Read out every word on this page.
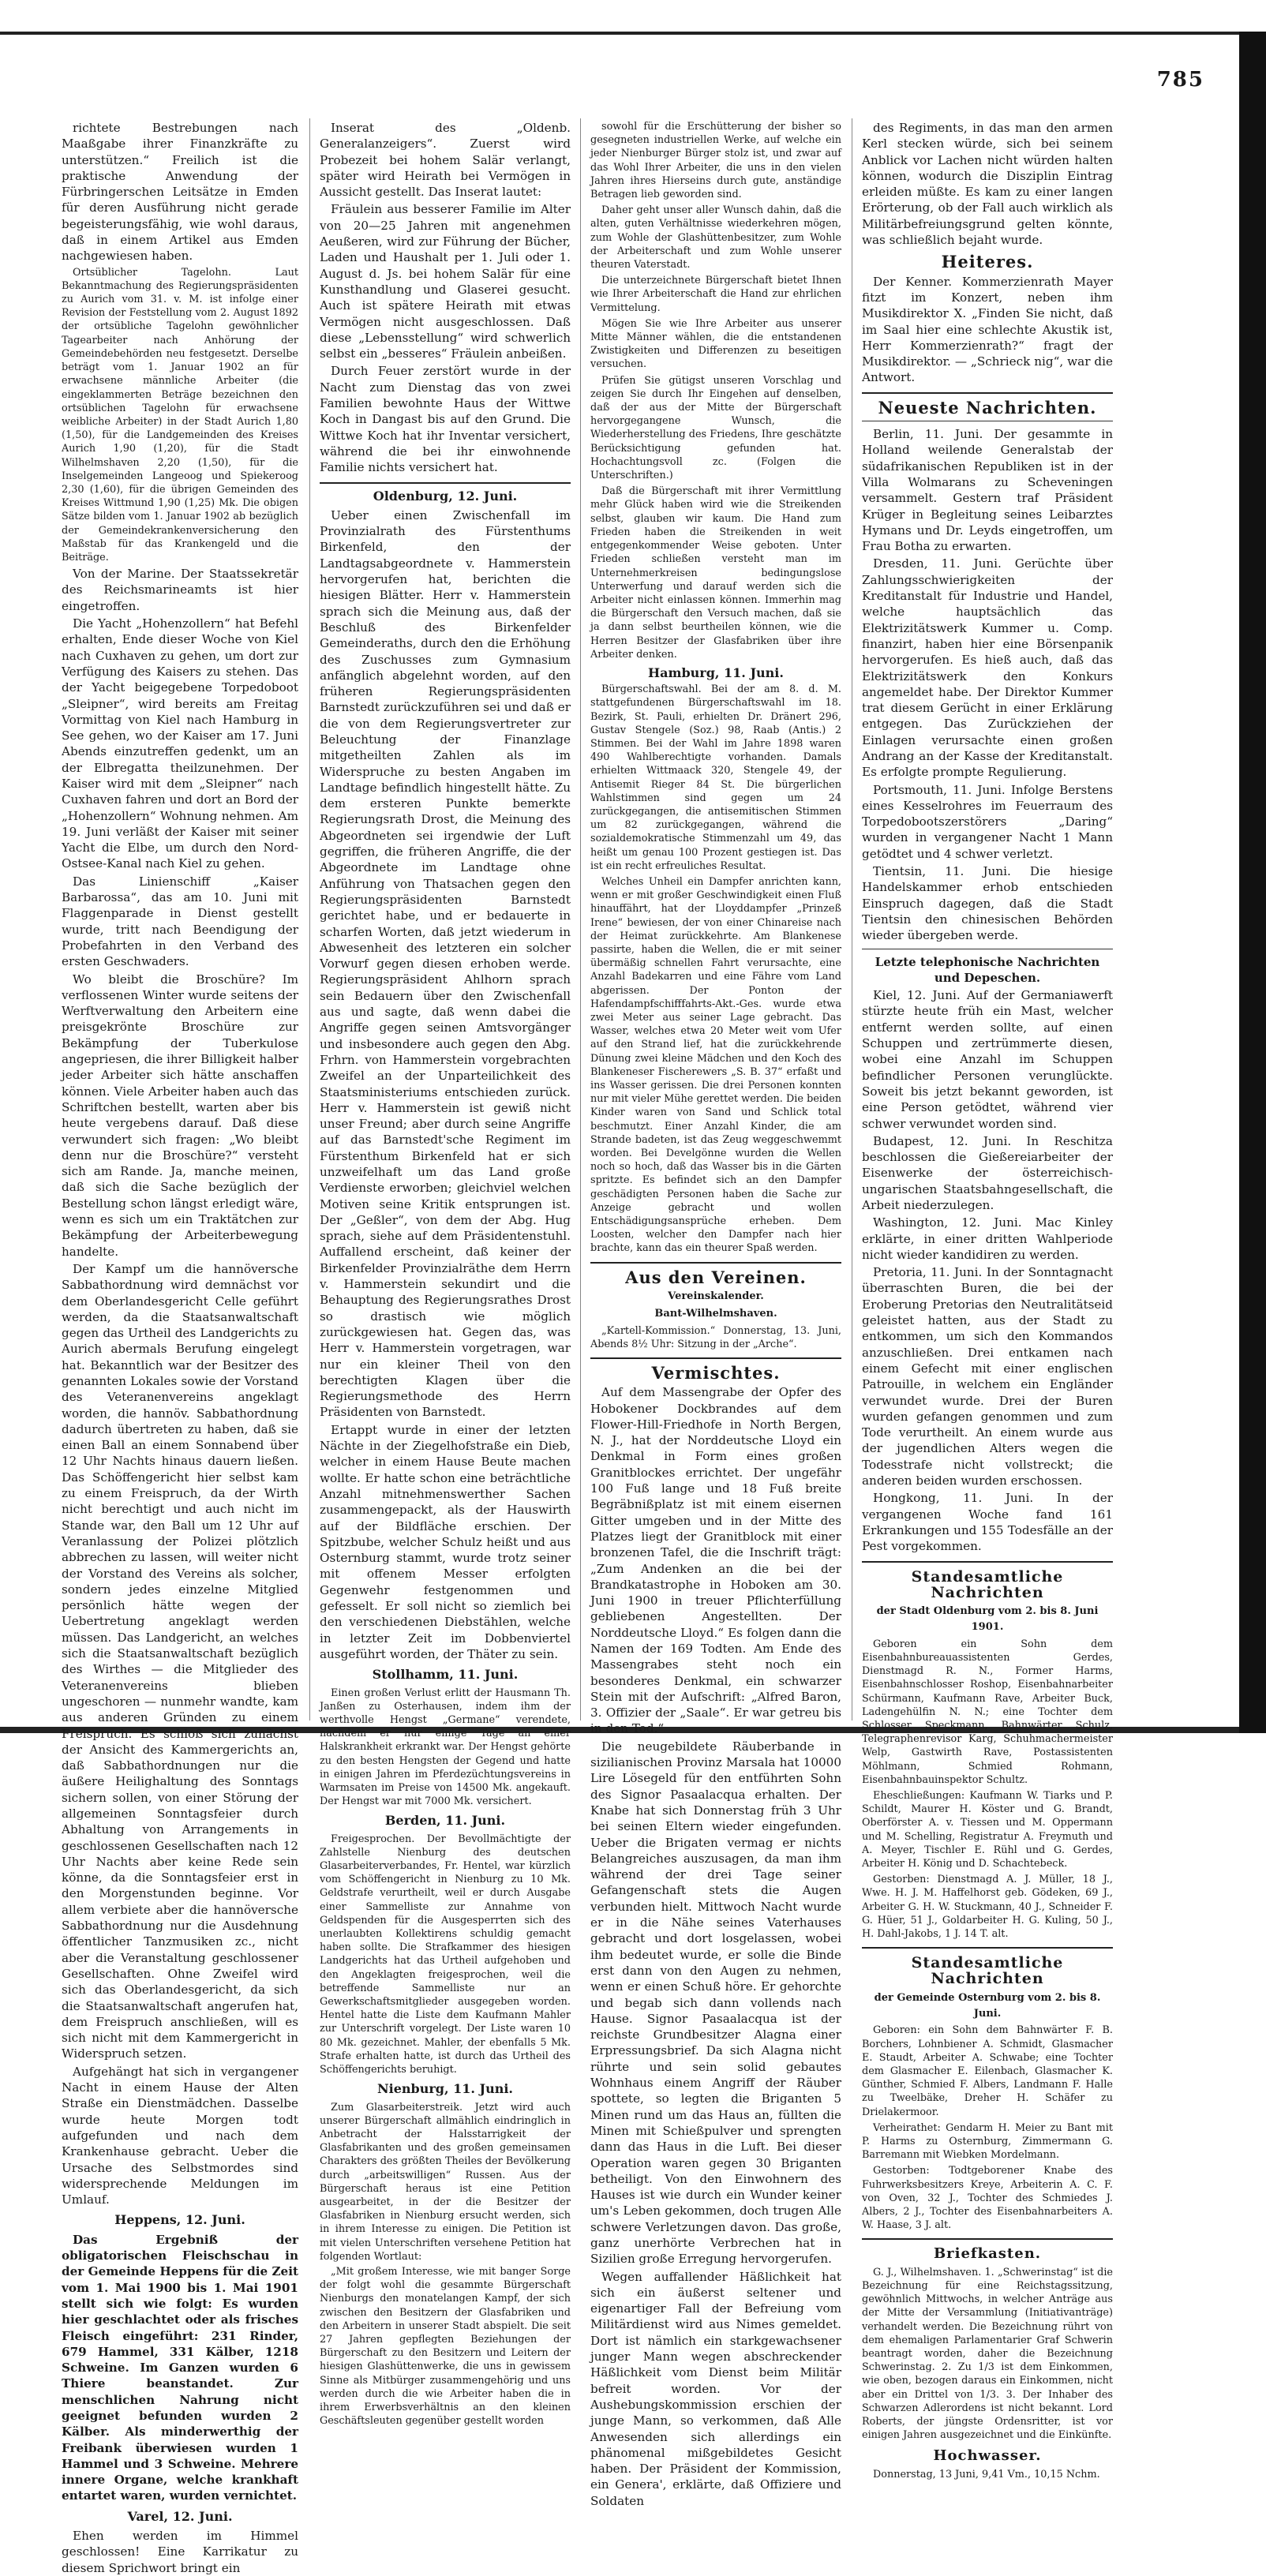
785

richtete Bestrebungen nach Maaßgabe ihrer Finanzkräfte zu unterstützen.“ Freilich ist die praktische Anwendung der Fürbringerschen Leitsätze in Emden für deren Ausführung nicht gerade begeisterungsfähig, wie wohl daraus, daß in einem Artikel aus Emden nachgewiesen haben.

Ortsüblicher Tagelohn. Laut Bekanntmachung des Regierungspräsidenten zu Aurich vom 31. v. M. ist infolge einer Revision der Feststellung vom 2. August 1892 der ortsübliche Tagelohn gewöhnlicher Tagearbeiter nach Anhörung der Gemeindebehörden neu festgesetzt. Derselbe beträgt vom 1. Januar 1902 an für erwachsene männliche Arbeiter (die eingeklammerten Beträge bezeichnen den ortsüblichen Tagelohn für erwachsene weibliche Arbeiter) in der Stadt Aurich 1,80 (1,50), für die Landgemeinden des Kreises Aurich 1,90 (1,20), für die Stadt Wilhelmshaven 2,20 (1,50), für die Inselgemeinden Langeoog und Spiekeroog 2,30 (1,60), für die übrigen Gemeinden des Kreises Wittmund 1,90 (1,25) Mk. Die obigen Sätze bilden vom 1. Januar 1902 ab bezüglich der Gemeindekrankenversicherung den Maßstab für das Krankengeld und die Beiträge.

Von der Marine. Der Staatssekretär des Reichsmarineamts ist hier eingetroffen.

Die Yacht „Hohenzollern“ hat Befehl erhalten, Ende dieser Woche von Kiel nach Cuxhaven zu gehen, um dort zur Verfügung des Kaisers zu stehen. Das der Yacht beigegebene Torpedoboot „Sleipner“, wird bereits am Freitag Vormittag von Kiel nach Hamburg in See gehen, wo der Kaiser am 17. Juni Abends einzutreffen gedenkt, um an der Elbregatta theilzunehmen. Der Kaiser wird mit dem „Sleipner“ nach Cuxhaven fahren und dort an Bord der „Hohenzollern“ Wohnung nehmen. Am 19. Juni verläßt der Kaiser mit seiner Yacht die Elbe, um durch den Nord-Ostsee-Kanal nach Kiel zu gehen.

Das Linienschiff „Kaiser Barbarossa“, das am 10. Juni mit Flaggenparade in Dienst gestellt wurde, tritt nach Beendigung der Probefahrten in den Verband des ersten Geschwaders.

Wo bleibt die Broschüre? Im verflossenen Winter wurde seitens der Werftverwaltung den Arbeitern eine preisgekrönte Broschüre zur Bekämpfung der Tuberkulose angepriesen, die ihrer Billigkeit halber jeder Arbeiter sich hätte anschaffen können. Viele Arbeiter haben auch das Schriftchen bestellt, warten aber bis heute vergebens darauf. Daß diese verwundert sich fragen: „Wo bleibt denn nur die Broschüre?“ versteht sich am Rande. Ja, manche meinen, daß sich die Sache bezüglich der Bestellung schon längst erledigt wäre, wenn es sich um ein Traktätchen zur Bekämpfung der Arbeiterbewegung handelte.

Der Kampf um die hannöversche Sabbathordnung wird demnächst vor dem Oberlandesgericht Celle geführt werden, da die Staatsanwaltschaft gegen das Urtheil des Landgerichts zu Aurich abermals Berufung eingelegt hat. Bekanntlich war der Besitzer des genannten Lokales sowie der Vorstand des Veteranenvereins angeklagt worden, die hannöv. Sabbathordnung dadurch übertreten zu haben, daß sie einen Ball an einem Sonnabend über 12 Uhr Nachts hinaus dauern ließen. Das Schöffengericht hier selbst kam zu einem Freispruch, da der Wirth nicht berechtigt und auch nicht im Stande war, den Ball um 12 Uhr auf Veranlassung der Polizei plötzlich abbrechen zu lassen, will weiter nicht der Vorstand des Vereins als solcher, sondern jedes einzelne Mitglied persönlich hätte wegen der Uebertretung angeklagt werden müssen. Das Landgericht, an welches sich die Staatsanwaltschaft bezüglich des Wirthes — die Mitglieder des Veteranenvereins blieben ungeschoren — nunmehr wandte, kam aus anderen Gründen zu einem Freispruch. Es schloß sich zunächst der Ansicht des Kammergerichts an, daß Sabbathordnungen nur die äußere Heilighaltung des Sonntags sichern sollen, von einer Störung der allgemeinen Sonntagsfeier durch Abhaltung von Arrangements in geschlossenen Gesellschaften nach 12 Uhr Nachts aber keine Rede sein könne, da die Sonntagsfeier erst in den Morgenstunden beginne. Vor allem verbiete aber die hannöversche Sabbathordnung nur die Ausdehnung öffentlicher Tanzmusiken zc., nicht aber die Veranstaltung geschlossener Gesellschaften. Ohne Zweifel wird sich das Oberlandesgericht, da sich die Staatsanwaltschaft angerufen hat, dem Freispruch anschließen, will es sich nicht mit dem Kammergericht in Widerspruch setzen.

Aufgehängt hat sich in vergangener Nacht in einem Hause der Alten Straße ein Dienstmädchen. Dasselbe wurde heute Morgen todt aufgefunden und nach dem Krankenhause gebracht. Ueber die Ursache des Selbstmordes sind widersprechende Meldungen im Umlauf.

Heppens, 12. Juni.

Das Ergebniß der obligatorischen Fleischschau in der Gemeinde Heppens für die Zeit vom 1. Mai 1900 bis 1. Mai 1901 stellt sich wie folgt: Es wurden hier geschlachtet oder als frisches Fleisch eingeführt: 231 Rinder, 679 Hammel, 331 Kälber, 1218 Schweine. Im Ganzen wurden 6 Thiere beanstandet. Zur menschlichen Nahrung nicht geeignet befunden wurden 2 Kälber. Als minderwerthig der Freibank überwiesen wurden 1 Hammel und 3 Schweine. Mehrere innere Organe, welche krankhaft entartet waren, wurden vernichtet.

Varel, 12. Juni.

Ehen werden im Himmel geschlossen! Eine Karrikatur zu diesem Sprichwort bringt ein

Inserat des „Oldenb. Generalanzeigers“. Zuerst wird Probezeit bei hohem Salär verlangt, später wird Heirath bei Vermögen in Aussicht gestellt. Das Inserat lautet:

Fräulein aus besserer Familie im Alter von 20—25 Jahren mit angenehmen Aeußeren, wird zur Führung der Bücher, Laden und Haushalt per 1. Juli oder 1. August d. Js. bei hohem Salär für eine Kunsthandlung und Glaserei gesucht. Auch ist spätere Heirath mit etwas Vermögen nicht ausgeschlossen. Daß diese „Lebensstellung“ wird schwerlich selbst ein „besseres“ Fräulein anbeißen.

Durch Feuer zerstört wurde in der Nacht zum Dienstag das von zwei Familien bewohnte Haus der Wittwe Koch in Dangast bis auf den Grund. Die Wittwe Koch hat ihr Inventar versichert, während die bei ihr einwohnende Familie nichts versichert hat.

Oldenburg, 12. Juni.

Ueber einen Zwischenfall im Provinzialrath des Fürstenthums Birkenfeld, den der Landtagsabgeordnete v. Hammerstein hervorgerufen hat, berichten die hiesigen Blätter. Herr v. Hammerstein sprach sich die Meinung aus, daß der Beschluß des Birkenfelder Gemeinderaths, durch den die Erhöhung des Zuschusses zum Gymnasium anfänglich abgelehnt worden, auf den früheren Regierungspräsidenten Barnstedt zurückzuführen sei und daß er die von dem Regierungsvertreter zur Beleuchtung der Finanzlage mitgetheilten Zahlen als im Widerspruche zu besten Angaben im Landtage befindlich hingestellt hätte. Zu dem ersteren Punkte bemerkte Regierungsrath Drost, die Meinung des Abgeordneten sei irgendwie der Luft gegriffen, die früheren Angriffe, die der Abgeordnete im Landtage ohne Anführung von Thatsachen gegen den Regierungspräsidenten Barnstedt gerichtet habe, und er bedauerte in scharfen Worten, daß jetzt wiederum in Abwesenheit des letzteren ein solcher Vorwurf gegen diesen erhoben werde. Regierungspräsident Ahlhorn sprach sein Bedauern über den Zwischenfall aus und sagte, daß wenn dabei die Angriffe gegen seinen Amtsvorgänger und insbesondere auch gegen den Abg. Frhrn. von Hammerstein vorgebrachten Zweifel an der Unparteilichkeit des Staatsministeriums entschieden zurück. Herr v. Hammerstein ist gewiß nicht unser Freund; aber durch seine Angriffe auf das Barnstedt'sche Regiment im Fürstenthum Birkenfeld hat er sich unzweifelhaft um das Land große Verdienste erworben; gleichviel welchen Motiven seine Kritik entsprungen ist. Der „Geßler“, von dem der Abg. Hug sprach, siehe auf dem Präsidentenstuhl. Auffallend erscheint, daß keiner der Birkenfelder Provinzialräthe dem Herrn v. Hammerstein sekundirt und die Behauptung des Regierungsrathes Drost so drastisch wie möglich zurückgewiesen hat. Gegen das, was Herr v. Hammerstein vorgetragen, war nur ein kleiner Theil von den berechtigten Klagen über die Regierungsmethode des Herrn Präsidenten von Barnstedt.

Ertappt wurde in einer der letzten Nächte in der Ziegelhofstraße ein Dieb, welcher in einem Hause Beute machen wollte. Er hatte schon eine beträchtliche Anzahl mitnehmenswerther Sachen zusammengepackt, als der Hauswirth auf der Bildfläche erschien. Der Spitzbube, welcher Schulz heißt und aus Osternburg stammt, wurde trotz seiner mit offenem Messer erfolgten Gegenwehr festgenommen und gefesselt. Er soll nicht so ziemlich bei den verschiedenen Diebstählen, welche in letzter Zeit im Dobbenviertel ausgeführt worden, der Thäter zu sein.

Stollhamm, 11. Juni.

Einen großen Verlust erlitt der Hausmann Th. Janßen zu Osterhausen, indem ihm der werthvolle Hengst „Germane“ verendete, nachdem er nur einige Tage an einer Halskrankheit erkrankt war. Der Hengst gehörte zu den besten Hengsten der Gegend und hatte in einigen Jahren im Pferdezüchtungsvereins in Warmsaten im Preise von 14500 Mk. angekauft. Der Hengst war mit 7000 Mk. versichert.

Berden, 11. Juni.

Freigesprochen. Der Bevollmächtigte der Zahlstelle Nienburg des deutschen Glasarbeiterverbandes, Fr. Hentel, war kürzlich vom Schöffengericht in Nienburg zu 10 Mk. Geldstrafe verurtheilt, weil er durch Ausgabe einer Sammelliste zur Annahme von Geldspenden für die Ausgesperrten sich des unerlaubten Kollektirens schuldig gemacht haben sollte. Die Strafkammer des hiesigen Landgerichts hat das Urtheil aufgehoben und den Angeklagten freigesprochen, weil die betreffende Sammelliste nur an Gewerkschaftsmitglieder ausgegeben worden. Hentel hatte die Liste dem Kaufmann Mahler zur Unterschrift vorgelegt. Der Liste waren 10 80 Mk. gezeichnet. Mahler, der ebenfalls 5 Mk. Strafe erhalten hatte, ist durch das Urtheil des Schöffengerichts beruhigt.

Nienburg, 11. Juni.

Zum Glasarbeiterstreik. Jetzt wird auch unserer Bürgerschaft allmählich eindringlich in Anbetracht der Halsstarrigkeit der Glasfabrikanten und des großen gemeinsamen Charakters des größten Theiles der Bevölkerung durch „arbeitswilligen“ Russen. Aus der Bürgerschaft heraus ist eine Petition ausgearbeitet, in der die Besitzer der Glasfabriken in Nienburg ersucht werden, sich in ihrem Interesse zu einigen. Die Petition ist mit vielen Unterschriften versehene Petition hat folgenden Wortlaut:

„Mit großem Interesse, wie mit banger Sorge der folgt wohl die gesammte Bürgerschaft Nienburgs den monatelangen Kampf, der sich zwischen den Besitzern der Glasfabriken und den Arbeitern in unserer Stadt abspielt. Die seit 27 Jahren gepflegten Beziehungen der Bürgerschaft zu den Besitzern und Leitern der hiesigen Glashüttenwerke, die uns in gewissem Sinne als Mitbürger zusammengehörig und uns werden durch die wie Arbeiter haben die in ihrem Erwerbsverhältnis an den kleinen Geschäftsleuten gegenüber gestellt worden

sowohl für die Erschütterung der bisher so gesegneten industriellen Werke, auf welche ein jeder Nienburger Bürger stolz ist, und zwar auf das Wohl Ihrer Arbeiter, die uns in den vielen Jahren ihres Hierseins durch gute, anständige Betragen lieb geworden sind.

Daher geht unser aller Wunsch dahin, daß die alten, guten Verhältnisse wiederkehren mögen, zum Wohle der Glashüttenbesitzer, zum Wohle der Arbeiterschaft und zum Wohle unserer theuren Vaterstadt.

Die unterzeichnete Bürgerschaft bietet Ihnen wie Ihrer Arbeiterschaft die Hand zur ehrlichen Vermittelung.

Mögen Sie wie Ihre Arbeiter aus unserer Mitte Männer wählen, die die entstandenen Zwistigkeiten und Differenzen zu beseitigen versuchen.

Prüfen Sie gütigst unseren Vorschlag und zeigen Sie durch Ihr Eingehen auf denselben, daß der aus der Mitte der Bürgerschaft hervorgegangene Wunsch, die Wiederherstellung des Friedens, Ihre geschätzte Berücksichtigung gefunden hat. Hochachtungsvoll zc. (Folgen die Unterschriften.)

Daß die Bürgerschaft mit ihrer Vermittlung mehr Glück haben wird wie die Streikenden selbst, glauben wir kaum. Die Hand zum Frieden haben die Streikenden in weit entgegenkommender Weise geboten. Unter Frieden schließen versteht man im Unternehmerkreisen bedingungslose Unterwerfung und darauf werden sich die Arbeiter nicht einlassen können. Immerhin mag die Bürgerschaft den Versuch machen, daß sie ja dann selbst beurtheilen können, wie die Herren Besitzer der Glasfabriken über ihre Arbeiter denken.

Hamburg, 11. Juni.

Bürgerschaftswahl. Bei der am 8. d. M. stattgefundenen Bürgerschaftswahl im 18. Bezirk, St. Pauli, erhielten Dr. Dränert 296, Gustav Stengele (Soz.) 98, Raab (Antis.) 2 Stimmen. Bei der Wahl im Jahre 1898 waren 490 Wahlberechtigte vorhanden. Damals erhielten Wittmaack 320, Stengele 49, der Antisemit Rieger 84 St. Die bürgerlichen Wahlstimmen sind gegen um 24 zurückgegangen, die antisemitischen Stimmen um 82 zurückgegangen, während die sozialdemokratische Stimmenzahl um 49, das heißt um genau 100 Prozent gestiegen ist. Das ist ein recht erfreuliches Resultat.

Welches Unheil ein Dampfer anrichten kann, wenn er mit großer Geschwindigkeit einen Fluß hinauffährt, hat der Lloyddampfer „Prinzeß Irene“ bewiesen, der von einer Chinareise nach der Heimat zurückkehrte. Am Blankenese passirte, haben die Wellen, die er mit seiner übermäßig schnellen Fahrt verursachte, eine Anzahl Badekarren und eine Fähre vom Land abgerissen. Der Ponton der Hafendampfschifffahrts-Akt.-Ges. wurde etwa zwei Meter aus seiner Lage gebracht. Das Wasser, welches etwa 20 Meter weit vom Ufer auf den Strand lief, hat die zurückkehrende Dünung zwei kleine Mädchen und den Koch des Blankeneser Fischerewers „S. B. 37“ erfaßt und ins Wasser gerissen. Die drei Personen konnten nur mit vieler Mühe gerettet werden. Die beiden Kinder waren von Sand und Schlick total beschmutzt. Einer Anzahl Kinder, die am Strande badeten, ist das Zeug weggeschwemmt worden. Bei Develgönne wurden die Wellen noch so hoch, daß das Wasser bis in die Gärten spritzte. Es befindet sich an den Dampfer geschädigten Personen haben die Sache zur Anzeige gebracht und wollen Entschädigungsansprüche erheben. Dem Loosten, welcher den Dampfer nach hier brachte, kann das ein theurer Spaß werden.

Aus den Vereinen.
Vereinskalender.
Bant-Wilhelmshaven.

„Kartell-Kommission.“ Donnerstag, 13. Juni, Abends 8½ Uhr: Sitzung in der „Arche“.

Vermischtes.

Auf dem Massengrabe der Opfer des Hobokener Dockbrandes auf dem Flower-Hill-Friedhofe in North Bergen, N. J., hat der Norddeutsche Lloyd ein Denkmal in Form eines großen Granitblockes errichtet. Der ungefähr 100 Fuß lange und 18 Fuß breite Begräbnißplatz ist mit einem eisernen Gitter umgeben und in der Mitte des Platzes liegt der Granitblock mit einer bronzenen Tafel, die die Inschrift trägt: „Zum Andenken an die bei der Brandkatastrophe in Hoboken am 30. Juni 1900 in treuer Pflichterfüllung gebliebenen Angestellten. Der Norddeutsche Lloyd.“ Es folgen dann die Namen der 169 Todten. Am Ende des Massengrabes steht noch ein besonderes Denkmal, ein schwarzer Stein mit der Aufschrift: „Alfred Baron, 3. Offizier der „Saale“. Er war getreu bis in den Tod.“

Die neugebildete Räuberbande in sizilianischen Provinz Marsala hat 10000 Lire Lösegeld für den entführten Sohn des Signor Pasaalacqua erhalten. Der Knabe hat sich Donnerstag früh 3 Uhr bei seinen Eltern wieder eingefunden. Ueber die Brigaten vermag er nichts Belangreiches auszusagen, da man ihm während der drei Tage seiner Gefangenschaft stets die Augen verbunden hielt. Mittwoch Nacht wurde er in die Nähe seines Vaterhauses gebracht und dort losgelassen, wobei ihm bedeutet wurde, er solle die Binde erst dann von den Augen zu nehmen, wenn er einen Schuß höre. Er gehorchte und begab sich dann vollends nach Hause. Signor Pasaalacqua ist der reichste Grundbesitzer Alagna einer Erpressungsbrief. Da sich Alagna nicht rührte und sein solid gebautes Wohnhaus einem Angriff der Räuber spottete, so legten die Briganten 5 Minen rund um das Haus an, füllten die Minen mit Schießpulver und sprengten dann das Haus in die Luft. Bei dieser Operation waren gegen 30 Briganten betheiligt. Von den Einwohnern des Hauses ist wie durch ein Wunder keiner um's Leben gekommen, doch trugen Alle schwere Verletzungen davon. Das große, ganz unerhörte Verbrechen hat in Sizilien große Erregung hervorgerufen.

Wegen auffallender Häßlichkeit hat sich ein äußerst seltener und eigenartiger Fall der Befreiung vom Militärdienst wird aus Nimes gemeldet. Dort ist nämlich ein starkgewachsener junger Mann wegen abschreckender Häßlichkeit vom Dienst beim Militär befreit worden. Vor der Aushebungskommission erschien der junge Mann, so verkommen, daß Alle Anwesenden sich allerdings ein phänomenal mißgebildetes Gesicht haben. Der Präsident der Kommission, ein Genera', erklärte, daß Offiziere und Soldaten

des Regiments, in das man den armen Kerl stecken würde, sich bei seinem Anblick vor Lachen nicht würden halten können, wodurch die Disziplin Eintrag erleiden müßte. Es kam zu einer langen Erörterung, ob der Fall auch wirklich als Militärbefreiungsgrund gelten könnte, was schließlich bejaht wurde.

Heiteres.

Der Kenner. Kommerzienrath Mayer fitzt im Konzert, neben ihm Musikdirektor X. „Finden Sie nicht, daß im Saal hier eine schlechte Akustik ist, Herr Kommerzienrath?“ fragt der Musikdirektor. — „Schrieck nig“, war die Antwort.

Neueste Nachrichten.

Berlin, 11. Juni. Der gesammte in Holland weilende Generalstab der südafrikanischen Republiken ist in der Villa Wolmarans zu Scheveningen versammelt. Gestern traf Präsident Krüger in Begleitung seines Leibarztes Hymans und Dr. Leyds eingetroffen, um Frau Botha zu erwarten.

Dresden, 11. Juni. Gerüchte über Zahlungsschwierigkeiten der Kreditanstalt für Industrie und Handel, welche hauptsächlich das Elektrizitätswerk Kummer u. Comp. finanzirt, haben hier eine Börsenpanik hervorgerufen. Es hieß auch, daß das Elektrizitätswerk den Konkurs angemeldet habe. Der Direktor Kummer trat diesem Gerücht in einer Erklärung entgegen. Das Zurückziehen der Einlagen verursachte einen großen Andrang an der Kasse der Kreditanstalt. Es erfolgte prompte Regulierung.

Portsmouth, 11. Juni. Infolge Berstens eines Kesselrohres im Feuerraum des Torpedobootszerstörers „Daring“ wurden in vergangener Nacht 1 Mann getödtet und 4 schwer verletzt.

Tientsin, 11. Juni. Die hiesige Handelskammer erhob entschieden Einspruch dagegen, daß die Stadt Tientsin den chinesischen Behörden wieder übergeben werde.

Letzte telephonische Nachrichten und Depeschen.

Kiel, 12. Juni. Auf der Germaniawerft stürzte heute früh ein Mast, welcher entfernt werden sollte, auf einen Schuppen und zertrümmerte diesen, wobei eine Anzahl im Schuppen befindlicher Personen verunglückte. Soweit bis jetzt bekannt geworden, ist eine Person getödtet, während vier schwer verwundet worden sind.

Budapest, 12. Juni. In Reschitza beschlossen die Gießereiarbeiter der Eisenwerke der österreichisch-ungarischen Staatsbahngesellschaft, die Arbeit niederzulegen.

Washington, 12. Juni. Mac Kinley erklärte, in einer dritten Wahlperiode nicht wieder kandidiren zu werden.

Pretoria, 11. Juni. In der Sonntagnacht überraschten Buren, die bei der Eroberung Pretorias den Neutralitätseid geleistet hatten, aus der Stadt zu entkommen, um sich den Kommandos anzuschließen. Drei entkamen nach einem Gefecht mit einer englischen Patrouille, in welchem ein Engländer verwundet wurde. Drei der Buren wurden gefangen genommen und zum Tode verurtheilt. An einem wurde aus der jugendlichen Alters wegen die Todesstrafe nicht vollstreckt; die anderen beiden wurden erschossen.

Hongkong, 11. Juni. In der vergangenen Woche fand 161 Erkrankungen und 155 Todesfälle an der Pest vorgekommen.

Standesamtliche Nachrichten
der Stadt Oldenburg vom 2. bis 8. Juni 1901.

Geboren ein Sohn dem Eisenbahnbureauassistenten Gerdes, Dienstmagd R. N., Former Harms, Eisenbahnschlosser Roshop, Eisenbahnarbeiter Schürmann, Kaufmann Rave, Arbeiter Buck, Ladengehülfin N. N.; eine Tochter dem Schlosser Speckmann, Bahnwärter Schulz, Telegraphenrevisor Karg, Schuhmachermeister Welp, Gastwirth Rave, Postassistenten Möhlmann, Schmied Rohmann, Eisenbahnbauinspektor Schultz.

Eheschließungen: Kaufmann W. Tiarks und P. Schildt, Maurer H. Köster und G. Brandt, Oberförster A. v. Tiessen und M. Oppermann und M. Schelling, Registratur A. Freymuth und A. Meyer, Tischler E. Rühl und G. Gerdes, Arbeiter H. König und D. Schachtebeck.

Gestorben: Dienstmagd A. J. Müller, 18 J., Wwe. H. J. M. Haffelhorst geb. Gödeken, 69 J., Arbeiter G. H. W. Stuckmann, 40 J., Schneider F. G. Hüer, 51 J., Goldarbeiter H. G. Kuling, 50 J., H. Dahl-Jakobs, 1 J. 14 T. alt.

Standesamtliche Nachrichten
der Gemeinde Osternburg vom 2. bis 8. Juni.

Geboren: ein Sohn dem Bahnwärter F. B. Borchers, Lohnbiener A. Schmidt, Glasmacher E. Staudt, Arbeiter A. Schwabe; eine Tochter dem Glasmacher E. Eilenbach, Glasmacher K. Günther, Schmied F. Albers, Landmann F. Halle zu Tweelbäke, Dreher H. Schäfer zu Drielakermoor.

Verheirathet: Gendarm H. Meier zu Bant mit P. Harms zu Osternburg, Zimmermann G. Barremann mit Wiebken Mordelmann.

Gestorben: Todtgeborener Knabe des Fuhrwerksbesitzers Kreye, Arbeiterin A. C. F. von Oven, 32 J., Tochter des Schmiedes J. Albers, 2 J., Tochter des Eisenbahnarbeiters A. W. Haase, 3 J. alt.

Briefkasten.

G. J., Wilhelmshaven. 1. „Schwerinstag“ ist die Bezeichnung für eine Reichstagssitzung, gewöhnlich Mittwochs, in welcher Anträge aus der Mitte der Versammlung (Initiativanträge) verhandelt werden. Die Bezeichnung rührt von dem ehemaligen Parlamentarier Graf Schwerin beantragt worden, daher die Bezeichnung Schwerinstag. 2. Zu 1/3 ist dem Einkommen, wie oben, bezogen daraus ein Einkommen, nicht aber ein Drittel von 1/3. 3. Der Inhaber des Schwarzen Adlerordens ist nicht bekannt. Lord Roberts, der jüngste Ordensritter, ist vor einigen Jahren ausgezeichnet und die Einkünfte.

Hochwasser.

Donnerstag, 13 Juni, 9,41 Vm., 10,15 Nchm.
